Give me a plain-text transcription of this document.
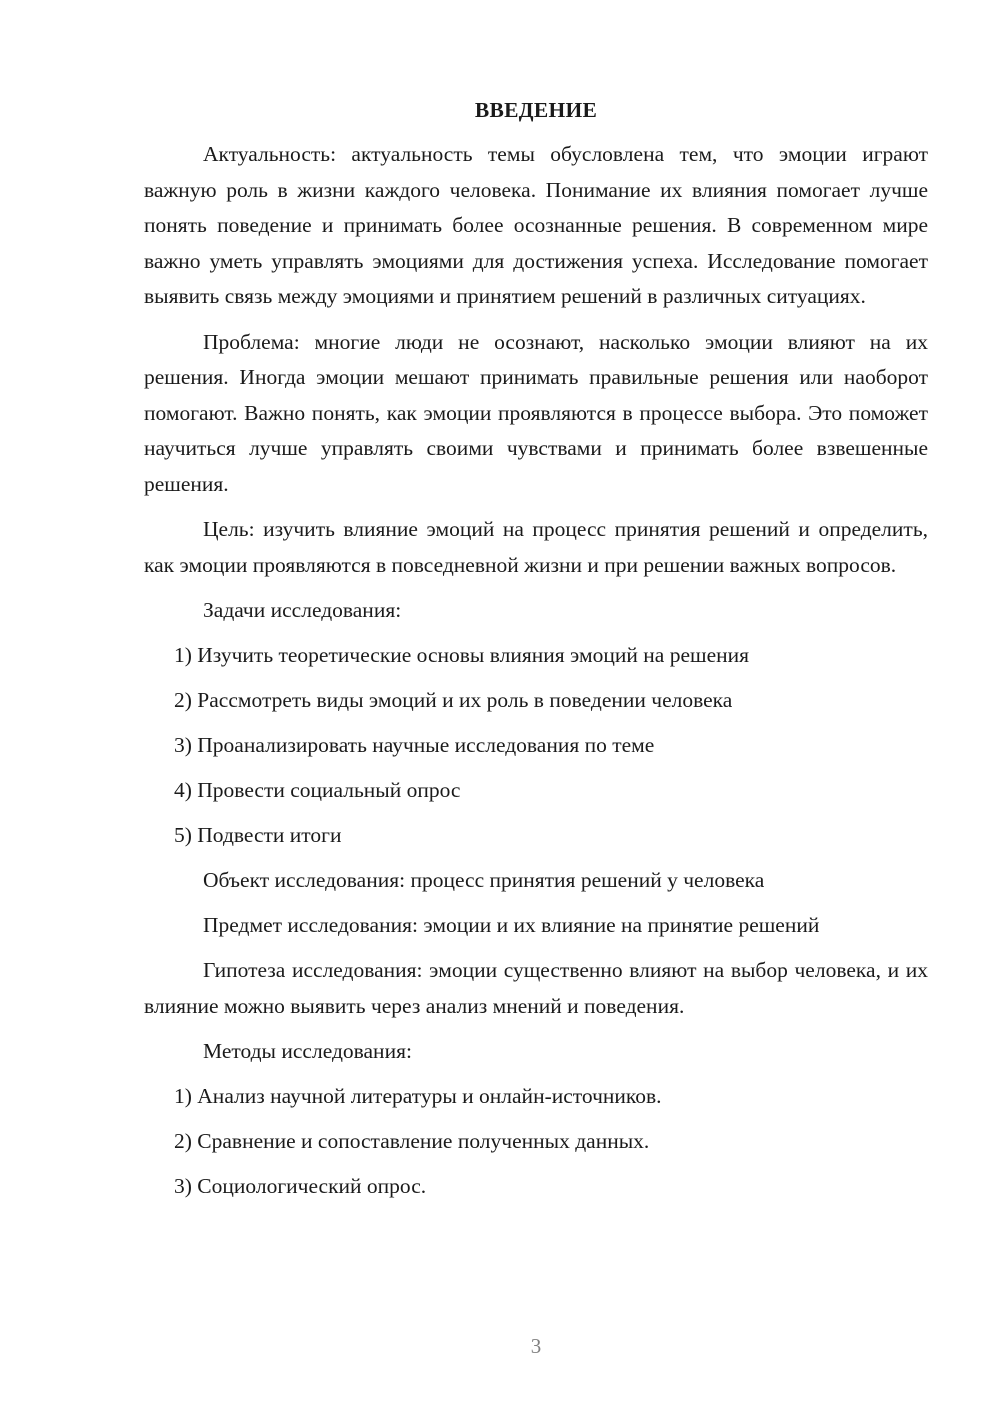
ВВЕДЕНИЕ
Актуальность: актуальность темы обусловлена тем, что эмоции играют важную роль в жизни каждого человека. Понимание их влияния помогает лучше понять поведение и принимать более осознанные решения. В современном мире важно уметь управлять эмоциями для достижения успеха. Исследование помогает выявить связь между эмоциями и принятием решений в различных ситуациях.
Проблема: многие люди не осознают, насколько эмоции влияют на их решения. Иногда эмоции мешают принимать правильные решения или наоборот помогают. Важно понять, как эмоции проявляются в процессе выбора. Это поможет научиться лучше управлять своими чувствами и принимать более взвешенные решения.
Цель: изучить влияние эмоций на процесс принятия решений и определить, как эмоции проявляются в повседневной жизни и при решении важных вопросов.
Задачи исследования:
1) Изучить теоретические основы влияния эмоций на решения
2) Рассмотреть виды эмоций и их роль в поведении человека
3) Проанализировать научные исследования по теме
4) Провести социальный опрос
5) Подвести итоги
Объект исследования: процесс принятия решений у человека
Предмет исследования: эмоции и их влияние на принятие решений
Гипотеза исследования: эмоции существенно влияют на выбор человека, и их влияние можно выявить через анализ мнений и поведения.
Методы исследования:
1) Анализ научной литературы и онлайн-источников.
2) Сравнение и сопоставление полученных данных.
3) Социологический опрос.
3
